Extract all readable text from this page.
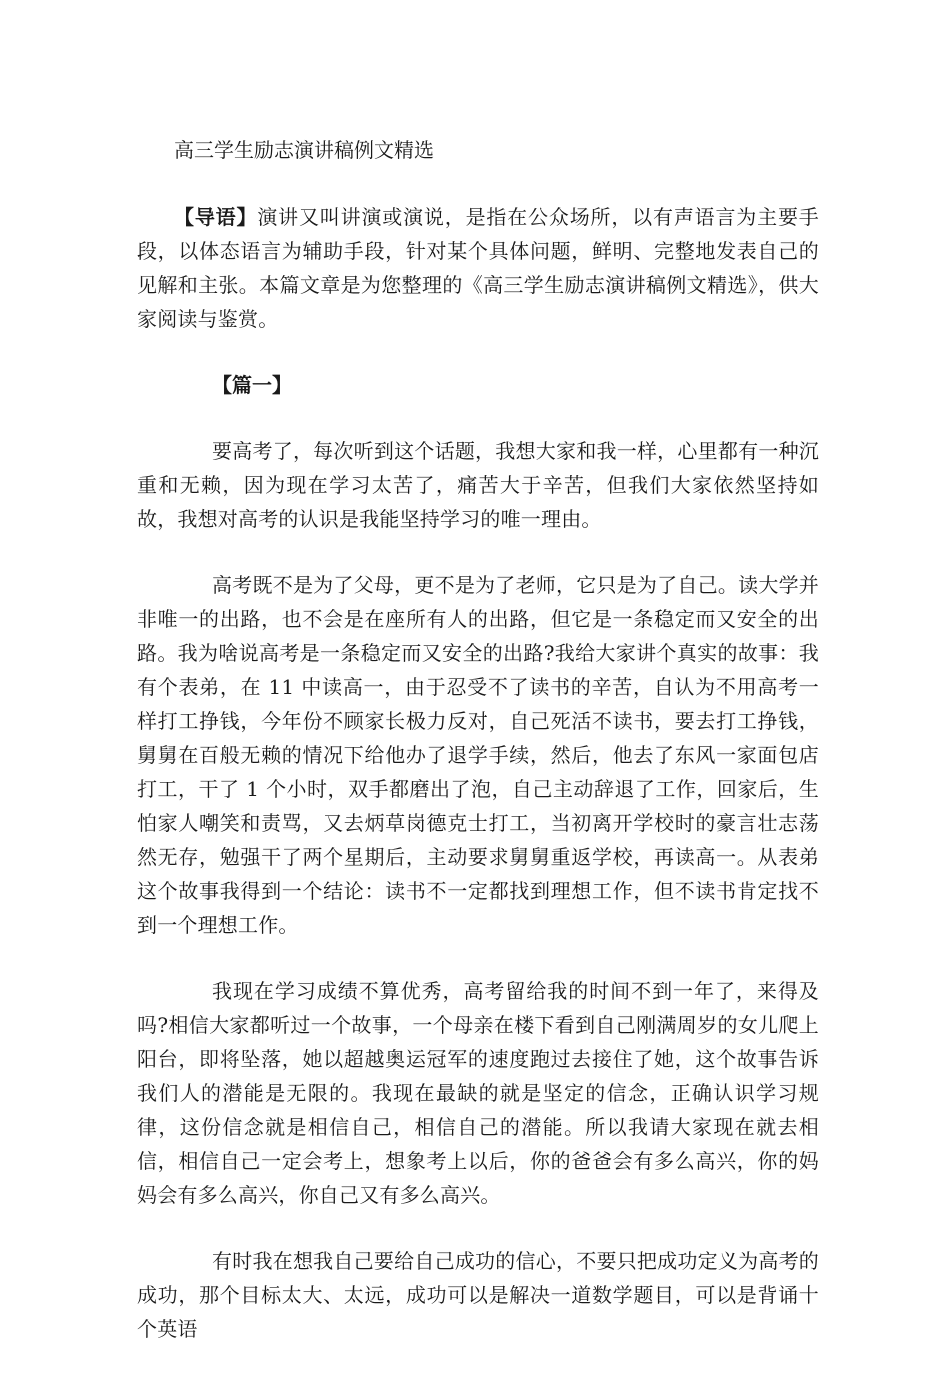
高三学生励志演讲稿例文精选

【导语】演讲又叫讲演或演说，是指在公众场所，以有声语言为主要手段，以体态语言为辅助手段，针对某个具体问题，鲜明、完整地发表自己的见解和主张。本篇文章是为您整理的《高三学生励志演讲稿例文精选》，供大家阅读与鉴赏。

【篇一】

要高考了，每次听到这个话题，我想大家和我一样，心里都有一种沉重和无赖，因为现在学习太苦了，痛苦大于辛苦，但我们大家依然坚持如故，我想对高考的认识是我能坚持学习的唯一理由。

高考既不是为了父母，更不是为了老师，它只是为了自己。读大学并非唯一的出路，也不会是在座所有人的出路，但它是一条稳定而又安全的出路。我为啥说高考是一条稳定而又安全的出路?我给大家讲个真实的故事：我有个表弟，在 11 中读高一，由于忍受不了读书的辛苦，自认为不用高考一样打工挣钱，今年份不顾家长极力反对，自己死活不读书，要去打工挣钱，舅舅在百般无赖的情况下给他办了退学手续，然后，他去了东风一家面包店打工，干了 1 个小时，双手都磨出了泡，自己主动辞退了工作，回家后，生怕家人嘲笑和责骂，又去炳草岗德克士打工，当初离开学校时的豪言壮志荡然无存，勉强干了两个星期后，主动要求舅舅重返学校，再读高一。从表弟这个故事我得到一个结论：读书不一定都找到理想工作，但不读书肯定找不到一个理想工作。

我现在学习成绩不算优秀，高考留给我的时间不到一年了，来得及吗?相信大家都听过一个故事，一个母亲在楼下看到自己刚满周岁的女儿爬上阳台，即将坠落，她以超越奥运冠军的速度跑过去接住了她，这个故事告诉我们人的潜能是无限的。我现在最缺的就是坚定的信念，正确认识学习规律，这份信念就是相信自己，相信自己的潜能。所以我请大家现在就去相信，相信自己一定会考上，想象考上以后，你的爸爸会有多么高兴，你的妈妈会有多么高兴，你自己又有多么高兴。

有时我在想我自己要给自己成功的信心，不要只把成功定义为高考的成功，那个目标太大、太远，成功可以是解决一道数学题目，可以是背诵十个英语
